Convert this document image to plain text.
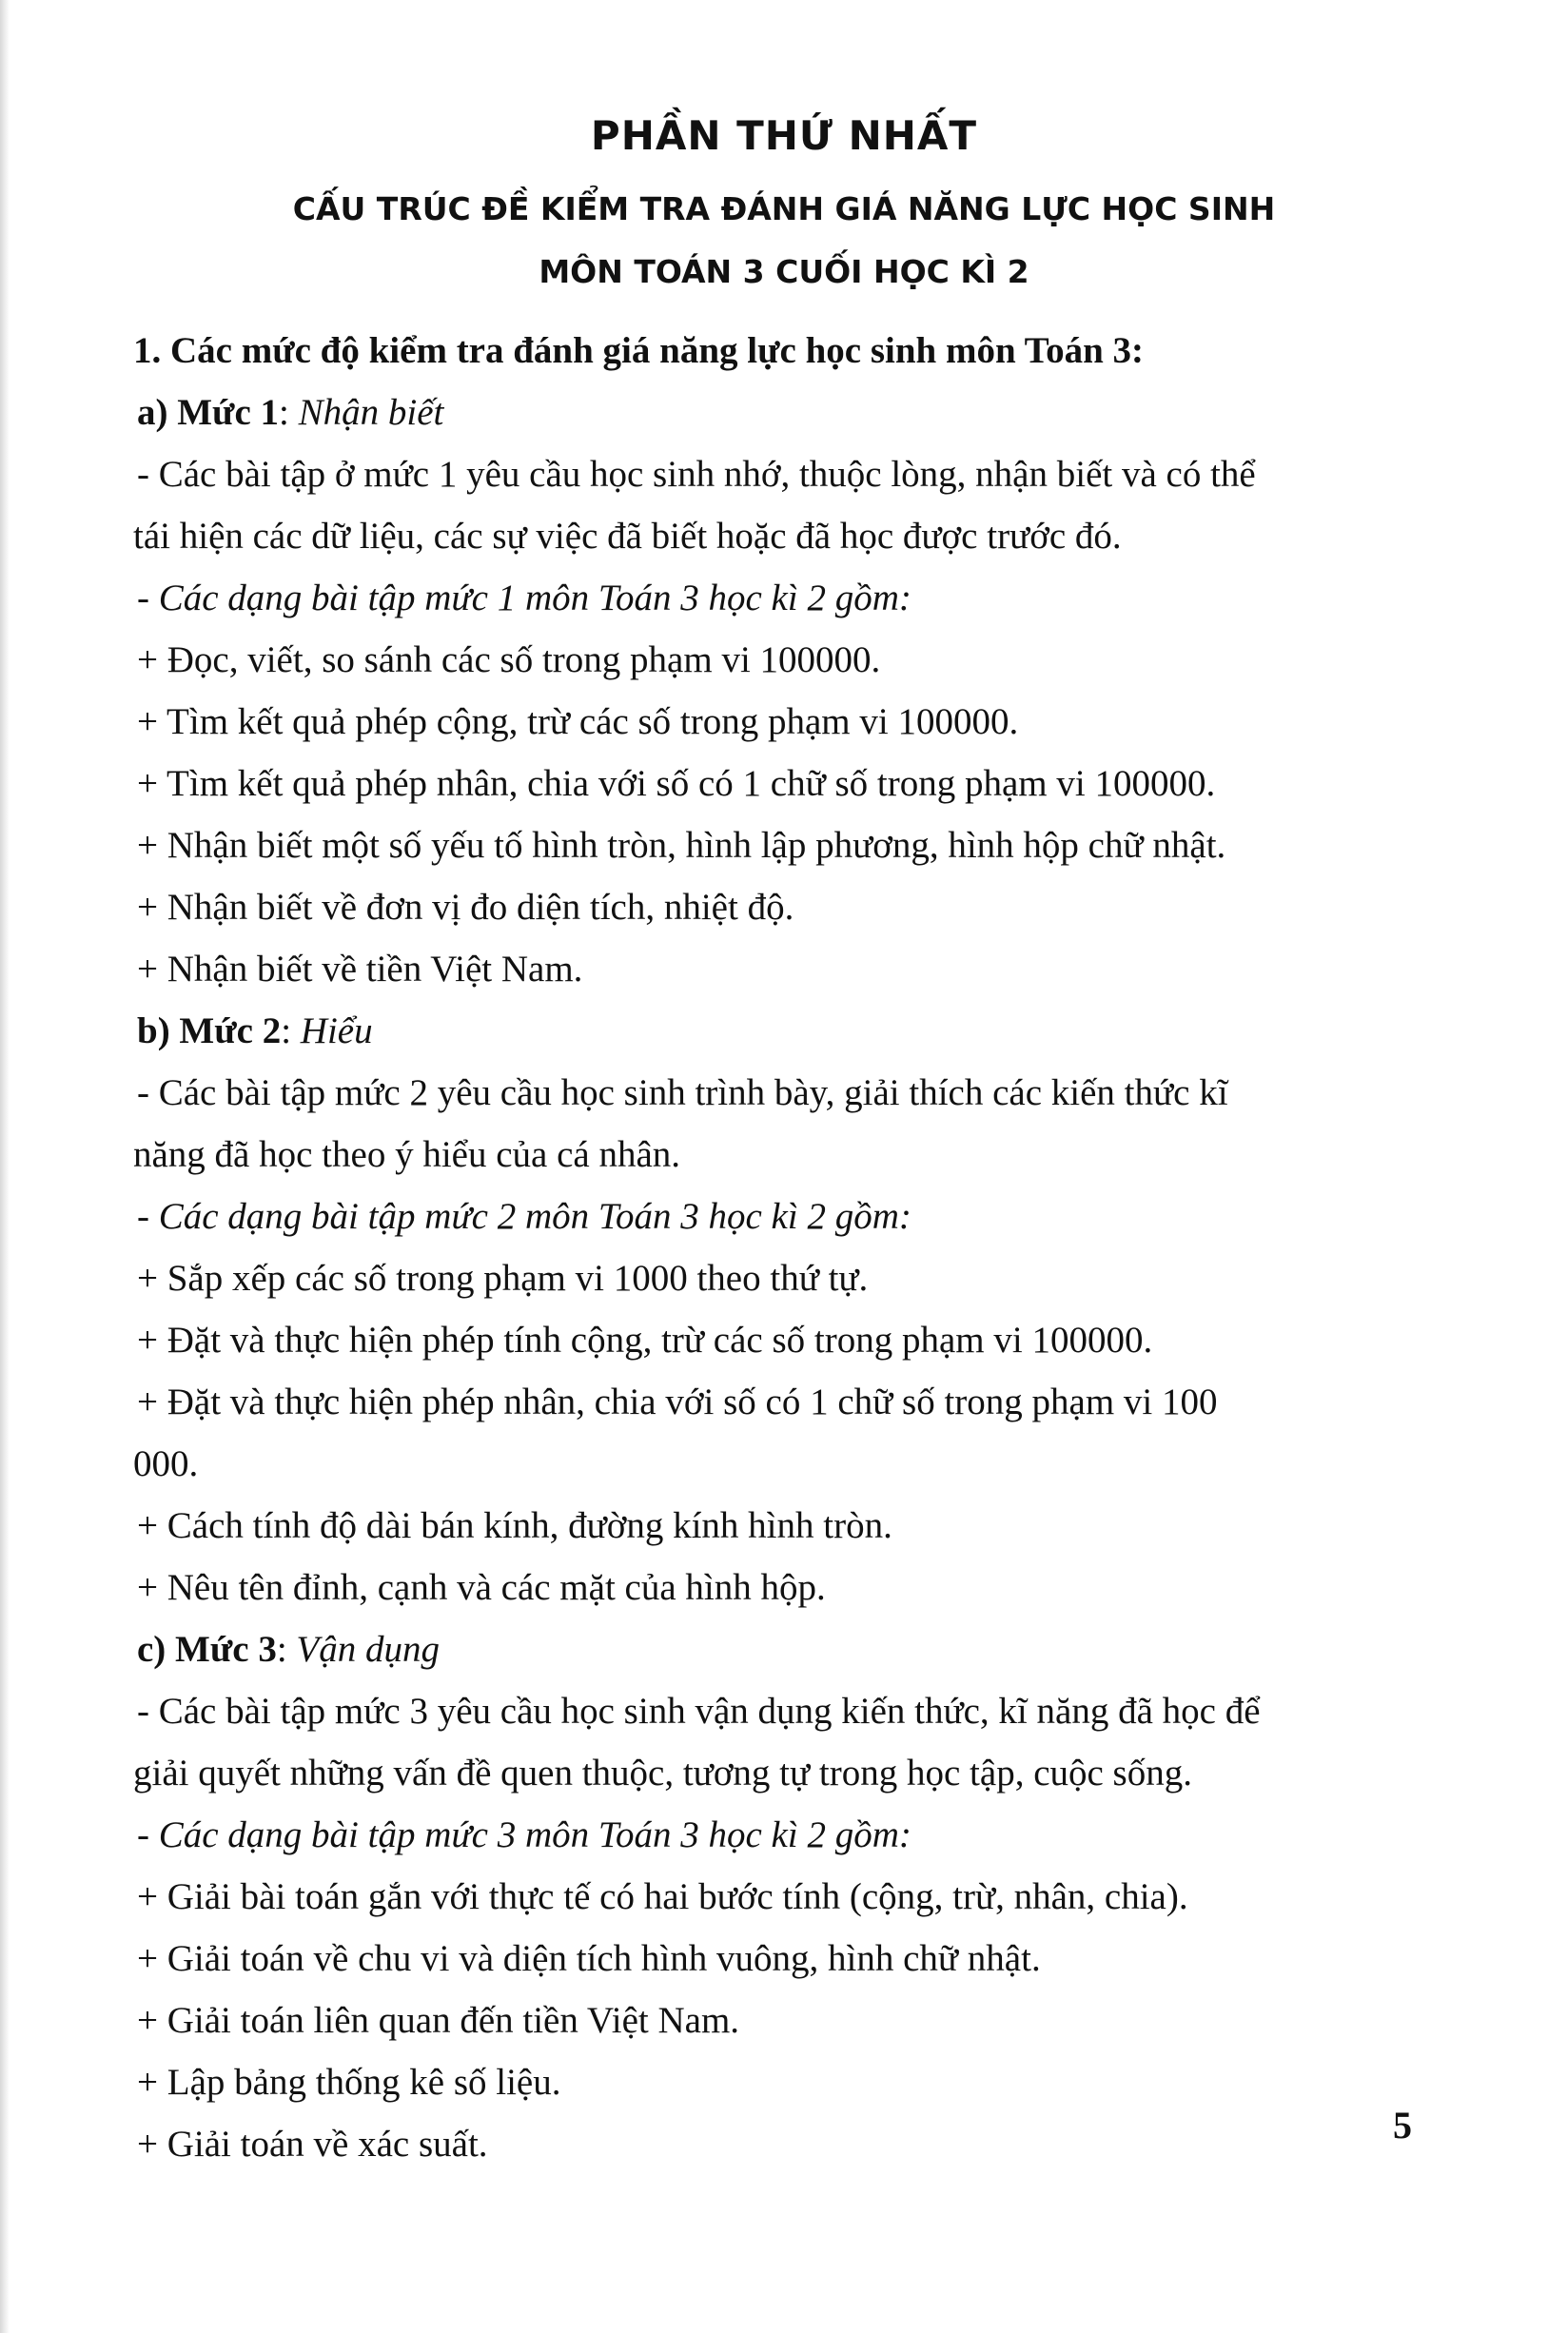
PHẦN THỨ NHẤT
CẤU TRÚC ĐỀ KIỂM TRA ĐÁNH GIÁ NĂNG LỰC HỌC SINH
MÔN TOÁN 3 CUỐI HỌC KÌ 2
1. Các mức độ kiểm tra đánh giá năng lực học sinh môn Toán 3:
a) Mức 1: Nhận biết
- Các bài tập ở mức 1 yêu cầu học sinh nhớ, thuộc lòng, nhận biết và có thể
tái hiện các dữ liệu, các sự việc đã biết hoặc đã học được trước đó.
- Các dạng bài tập mức 1 môn Toán 3 học kì 2 gồm:
+ Đọc, viết, so sánh các số trong phạm vi 100000.
+ Tìm kết quả phép cộng, trừ các số trong phạm vi 100000.
+ Tìm kết quả phép nhân, chia với số có 1 chữ số trong phạm vi 100000.
+ Nhận biết một số yếu tố hình tròn, hình lập phương, hình hộp chữ nhật.
+ Nhận biết về đơn vị đo diện tích, nhiệt độ.
+ Nhận biết về tiền Việt Nam.
b) Mức 2: Hiểu
- Các bài tập mức 2 yêu cầu học sinh trình bày, giải thích các kiến thức kĩ
năng đã học theo ý hiểu của cá nhân.
- Các dạng bài tập mức 2 môn Toán 3 học kì 2 gồm:
+ Sắp xếp các số trong phạm vi 1000 theo thứ tự.
+ Đặt và thực hiện phép tính cộng, trừ các số trong phạm vi 100000.
+ Đặt và thực hiện phép nhân, chia với số có 1 chữ số trong phạm vi 100
000.
+ Cách tính độ dài bán kính, đường kính hình tròn.
+ Nêu tên đỉnh, cạnh và các mặt của hình hộp.
c) Mức 3: Vận dụng
- Các bài tập mức 3 yêu cầu học sinh vận dụng kiến thức, kĩ năng đã học để
giải quyết những vấn đề quen thuộc, tương tự trong học tập, cuộc sống.
- Các dạng bài tập mức 3 môn Toán 3 học kì 2 gồm:
+ Giải bài toán gắn với thực tế có hai bước tính (cộng, trừ, nhân, chia).
+ Giải toán về chu vi và diện tích hình vuông, hình chữ nhật.
+ Giải toán liên quan đến tiền Việt Nam.
+ Lập bảng thống kê số liệu.
+ Giải toán về xác suất.	5
